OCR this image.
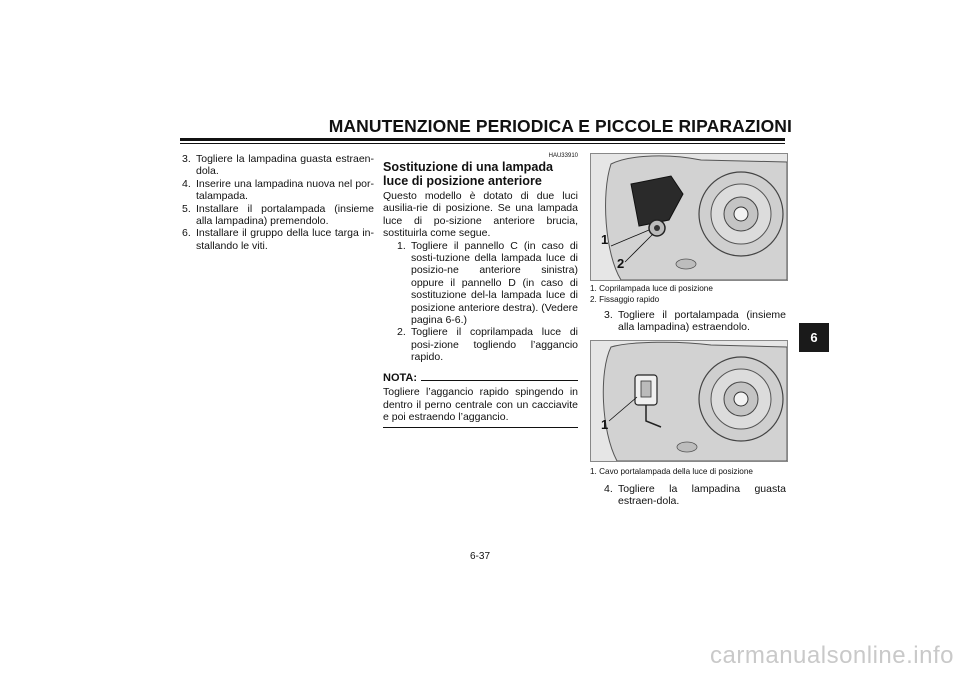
MANUTENZIONE PERIODICA E PICCOLE RIPARAZIONI
3. Togliere la lampadina guasta estraen-dola.
4. Inserire una lampadina nuova nel por-talampada.
5. Installare il portalampada (insieme alla lampadina) premendolo.
6. Installare il gruppo della luce targa in-stallando le viti.
HAU33910
Sostituzione di una lampada luce di posizione anteriore
Questo modello è dotato di due luci ausilia-rie di posizione. Se una lampada luce di po-sizione anteriore brucia, sostituirla come segue.
1. Togliere il pannello C (in caso di sosti-tuzione della lampada luce di posizio-ne anteriore sinistra) oppure il pannello D (in caso di sostituzione del-la lampada luce di posizione anteriore destra). (Vedere pagina 6-6.)
2. Togliere il coprilampada luce di posi-zione togliendo l’aggancio rapido.
NOTA:
Togliere l’aggancio rapido spingendo in dentro il perno centrale con un cacciavite e poi estraendo l’aggancio.
1
2
1. Coprilampada luce di posizione
2. Fissaggio rapido
3. Togliere il portalampada (insieme alla lampadina) estraendolo.
1
1. Cavo portalampada della luce di posizione
4. Togliere la lampadina guasta estraen-dola.
6
6-37
carmanualsonline.info
